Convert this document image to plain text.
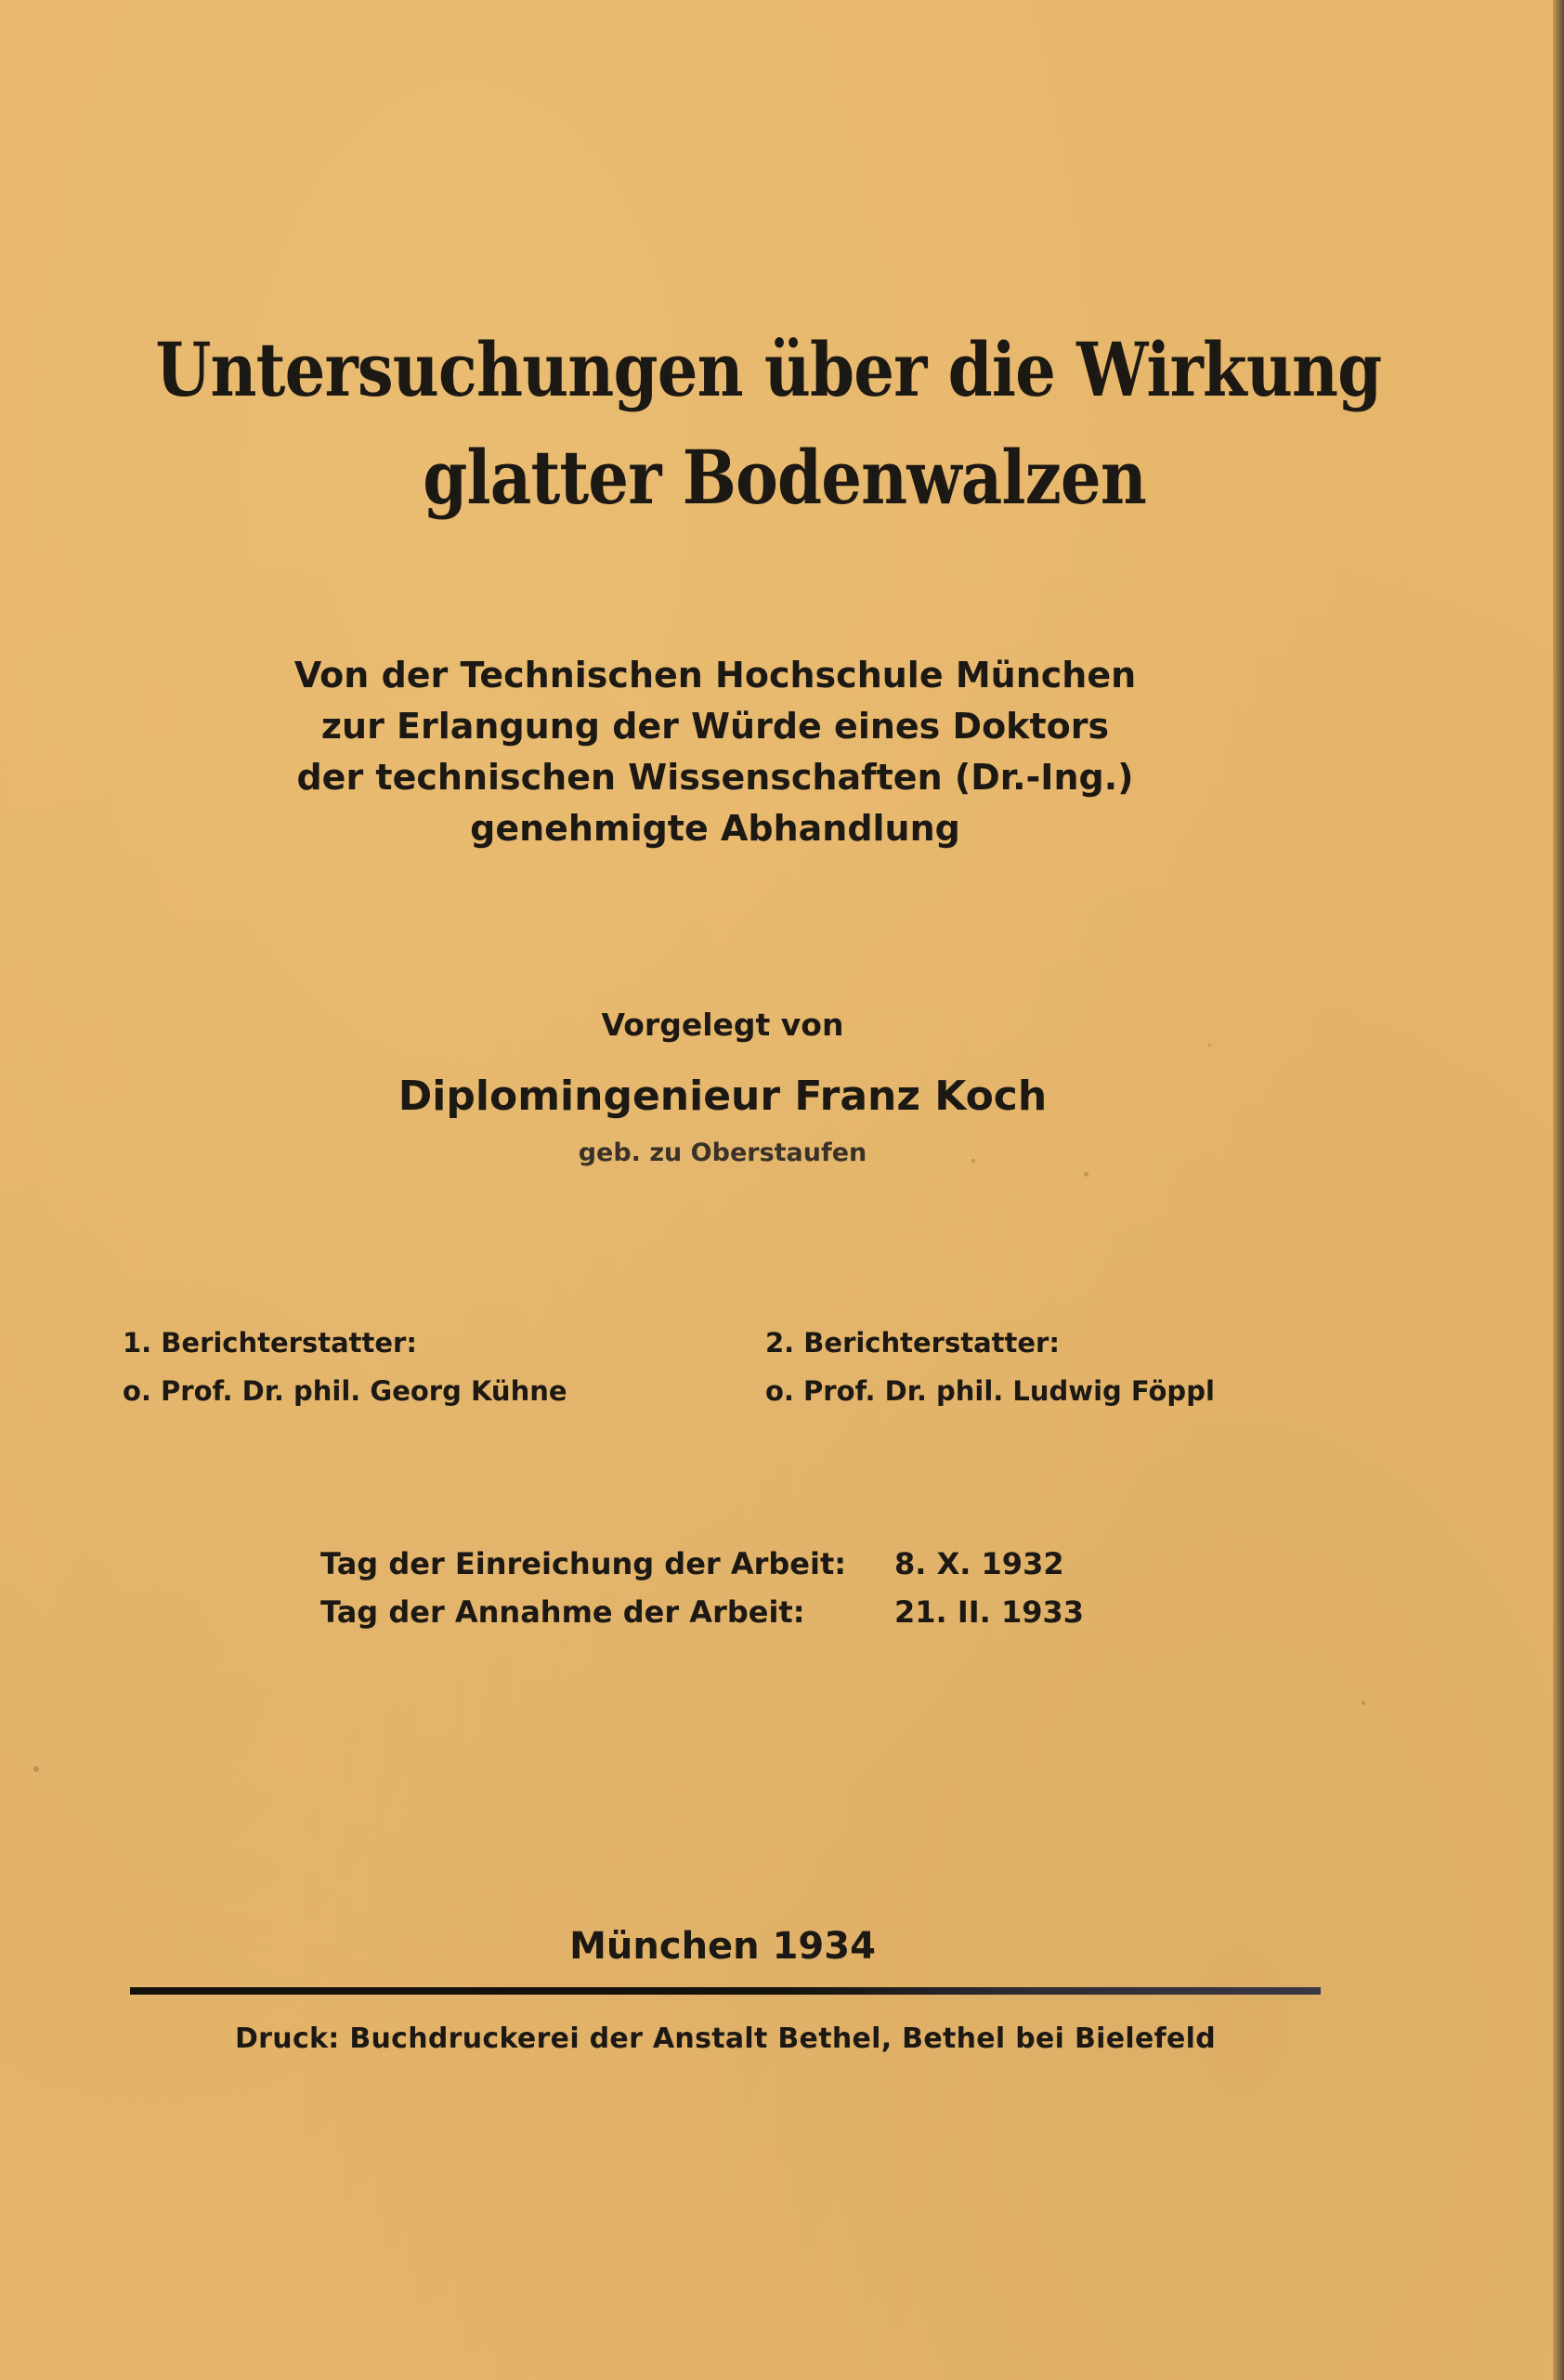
Untersuchungen über die Wirkung
glatter Bodenwalzen
Von der Technischen Hochschule München
zur Erlangung der Würde eines Doktors
der technischen Wissenschaften (Dr.-Ing.)
genehmigte Abhandlung
Vorgelegt von
Diplomingenieur Franz Koch
geb. zu Oberstaufen
1. Berichterstatter:
o. Prof. Dr. phil. Georg Kühne
2. Berichterstatter:
o. Prof. Dr. phil. Ludwig Föppl
Tag der Einreichung der Arbeit: 8. X. 1932
Tag der Annahme der Arbeit:	21. II. 1933
München 1934
Druck: Buchdruckerei der Anstalt Bethel, Bethel bei Bielefeld
